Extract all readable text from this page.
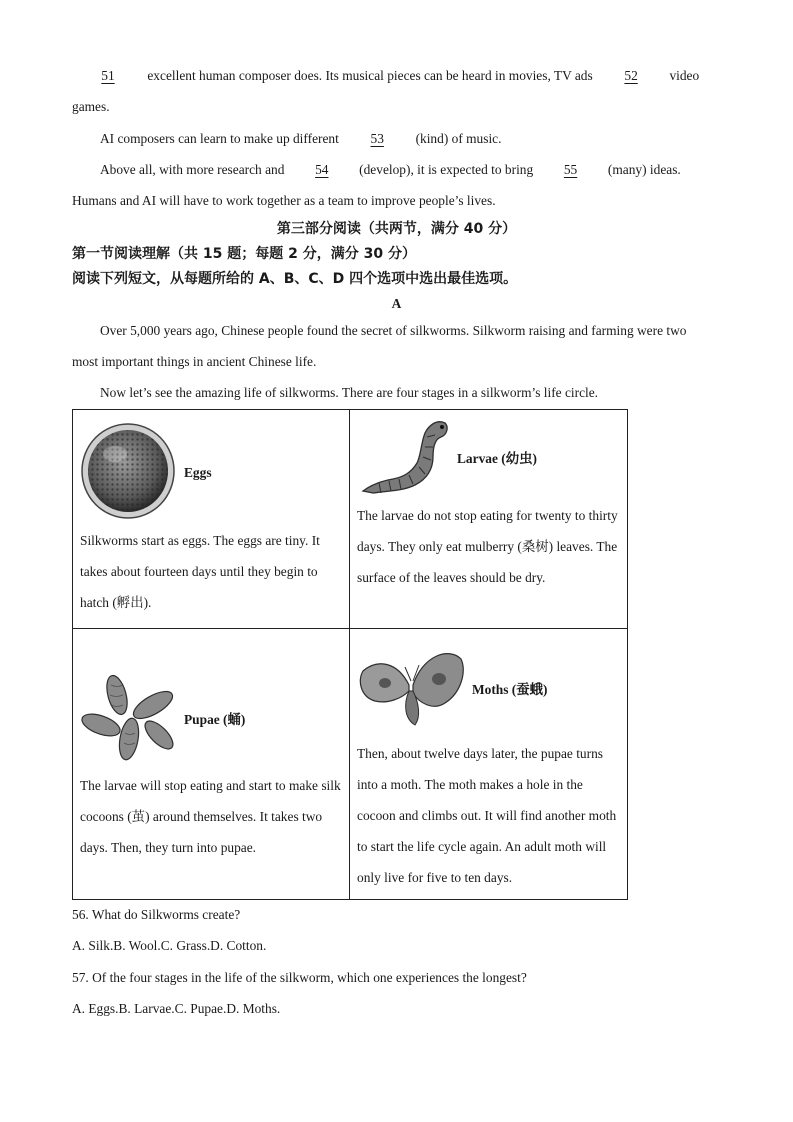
51 excellent human composer does. Its musical pieces can be heard in movies, TV ads 52 video
games.
AI composers can learn to make up different 53 (kind) of music.
Above all, with more research and 54 (develop), it is expected to bring 55 (many) ideas.
Humans and AI will have to work together as a team to improve people’s lives.
第三部分阅读（共两节，满分 40 分）
第一节阅读理解（共 15 题；每题 2 分，满分 30 分）
阅读下列短文，从每题所给的 A、B、C、D 四个选项中选出最佳选项。
A
Over 5,000 years ago, Chinese people found the secret of silkworms. Silkworm raising and farming were two
most important things in ancient Chinese life.
Now let’s see the amazing life of silkworms. There are four stages in a silkworm’s life circle.
Eggs
Silkworms start as eggs. The eggs are tiny. It takes about fourteen days until they begin to hatch (孵出).
Larvae (幼虫)
The larvae do not stop eating for twenty to thirty days. They only eat mulberry (桑树) leaves. The surface of the leaves should be dry.
Pupae (蛹)
The larvae will stop eating and start to make silk cocoons (茧) around themselves. It takes two days. Then, they turn into pupae.
Moths (蚕蛾)
Then, about twelve days later, the pupae turns into a moth. The moth makes a hole in the cocoon and climbs out. It will find another moth to start the life cycle again. An adult moth will only live for five to ten days.
56. What do Silkworms create?
A. Silk.B. Wool.C. Grass.D. Cotton.
57. Of the four stages in the life of the silkworm, which one experiences the longest?
A. Eggs.B. Larvae.C. Pupae.D. Moths.
